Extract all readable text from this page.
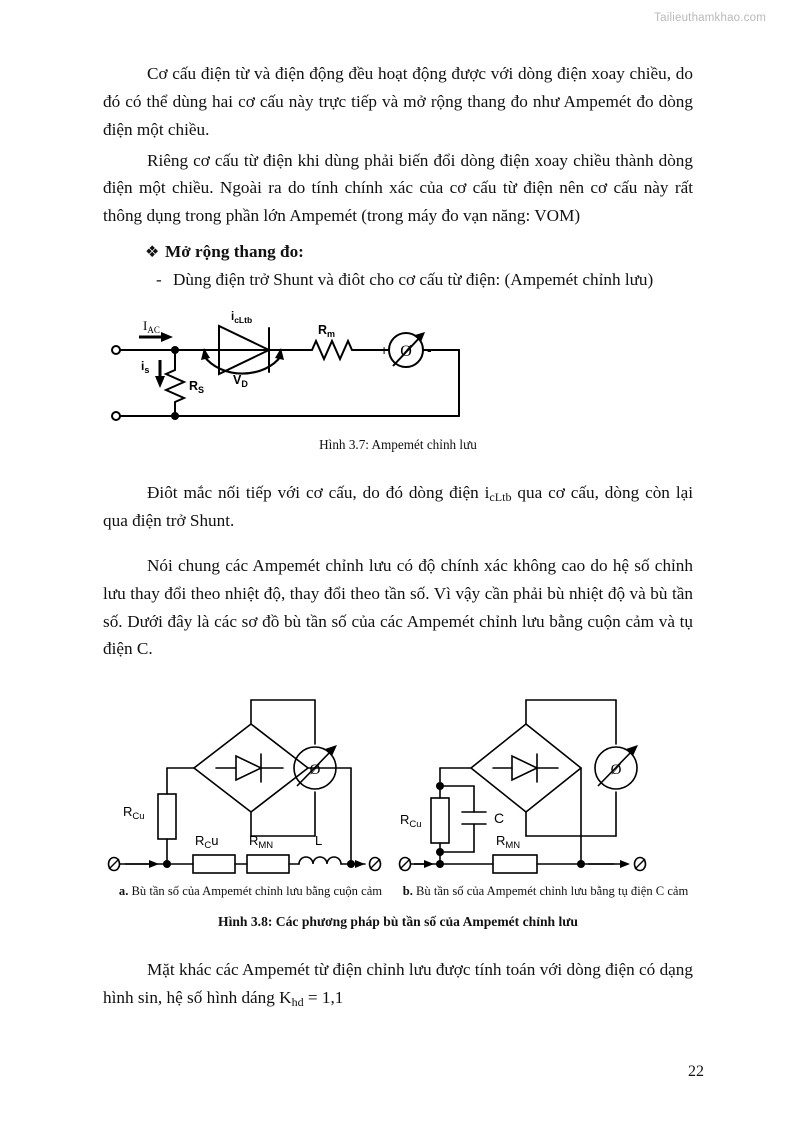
Tailieuthamkhao.com

Cơ cấu điện từ và điện động đều hoạt động được với dòng điện xoay chiều, do đó có thể dùng hai cơ cấu này trực tiếp và mở rộng thang đo như Ampemét đo dòng điện một chiều.

Riêng cơ cấu từ điện khi dùng phải biến đổi dòng điện xoay chiều thành dòng điện một chiều. Ngoài ra do tính chính xác của cơ cấu từ điện nên cơ cấu này rất thông dụng trong phần lớn Ampemét (trong máy đo vạn năng: VOM)

❖ Mở rộng thang đo:
- Dùng điện trở Shunt và điôt cho cơ cấu từ điện: (Ampemét chỉnh lưu)
Ø
$I_{AC}$
$i_s$
$R_S$
$i_{cLtb}$
$V_D$
$R_m$
+	-
Hình 3.7: Ampemét chỉnh lưu

Điôt mắc nối tiếp với cơ cấu, do đó dòng điện icLtb qua cơ cấu, dòng còn lại qua điện trở Shunt.

Nói chung các Ampemét chỉnh lưu có độ chính xác không cao do hệ số chỉnh lưu thay đổi theo nhiệt độ, thay đổi theo tần số. Vì vậy cần phải bù nhiệt độ và bù tần số. Dưới đây là các sơ đồ bù tần số của các Ampemét chỉnh lưu bằng cuộn cảm và tụ điện C.

Ø
$R_{Cu}$
$R_Cu$ $R_{MN}$	L
a. Bù tần số của Ampemét chỉnh lưu bằng cuộn cảm
Ø
$R_{Cu}$	C
$R_{MN}$
b. Bù tần số của Ampemét chỉnh lưu bằng tụ điện C cảm
Hình 3.8: Các phương pháp bù tần số của Ampemét chỉnh lưu

Mặt khác các Ampemét từ điện chỉnh lưu được tính toán với dòng điện có dạng hình sin, hệ số hình dáng Khd = 1,1

22
